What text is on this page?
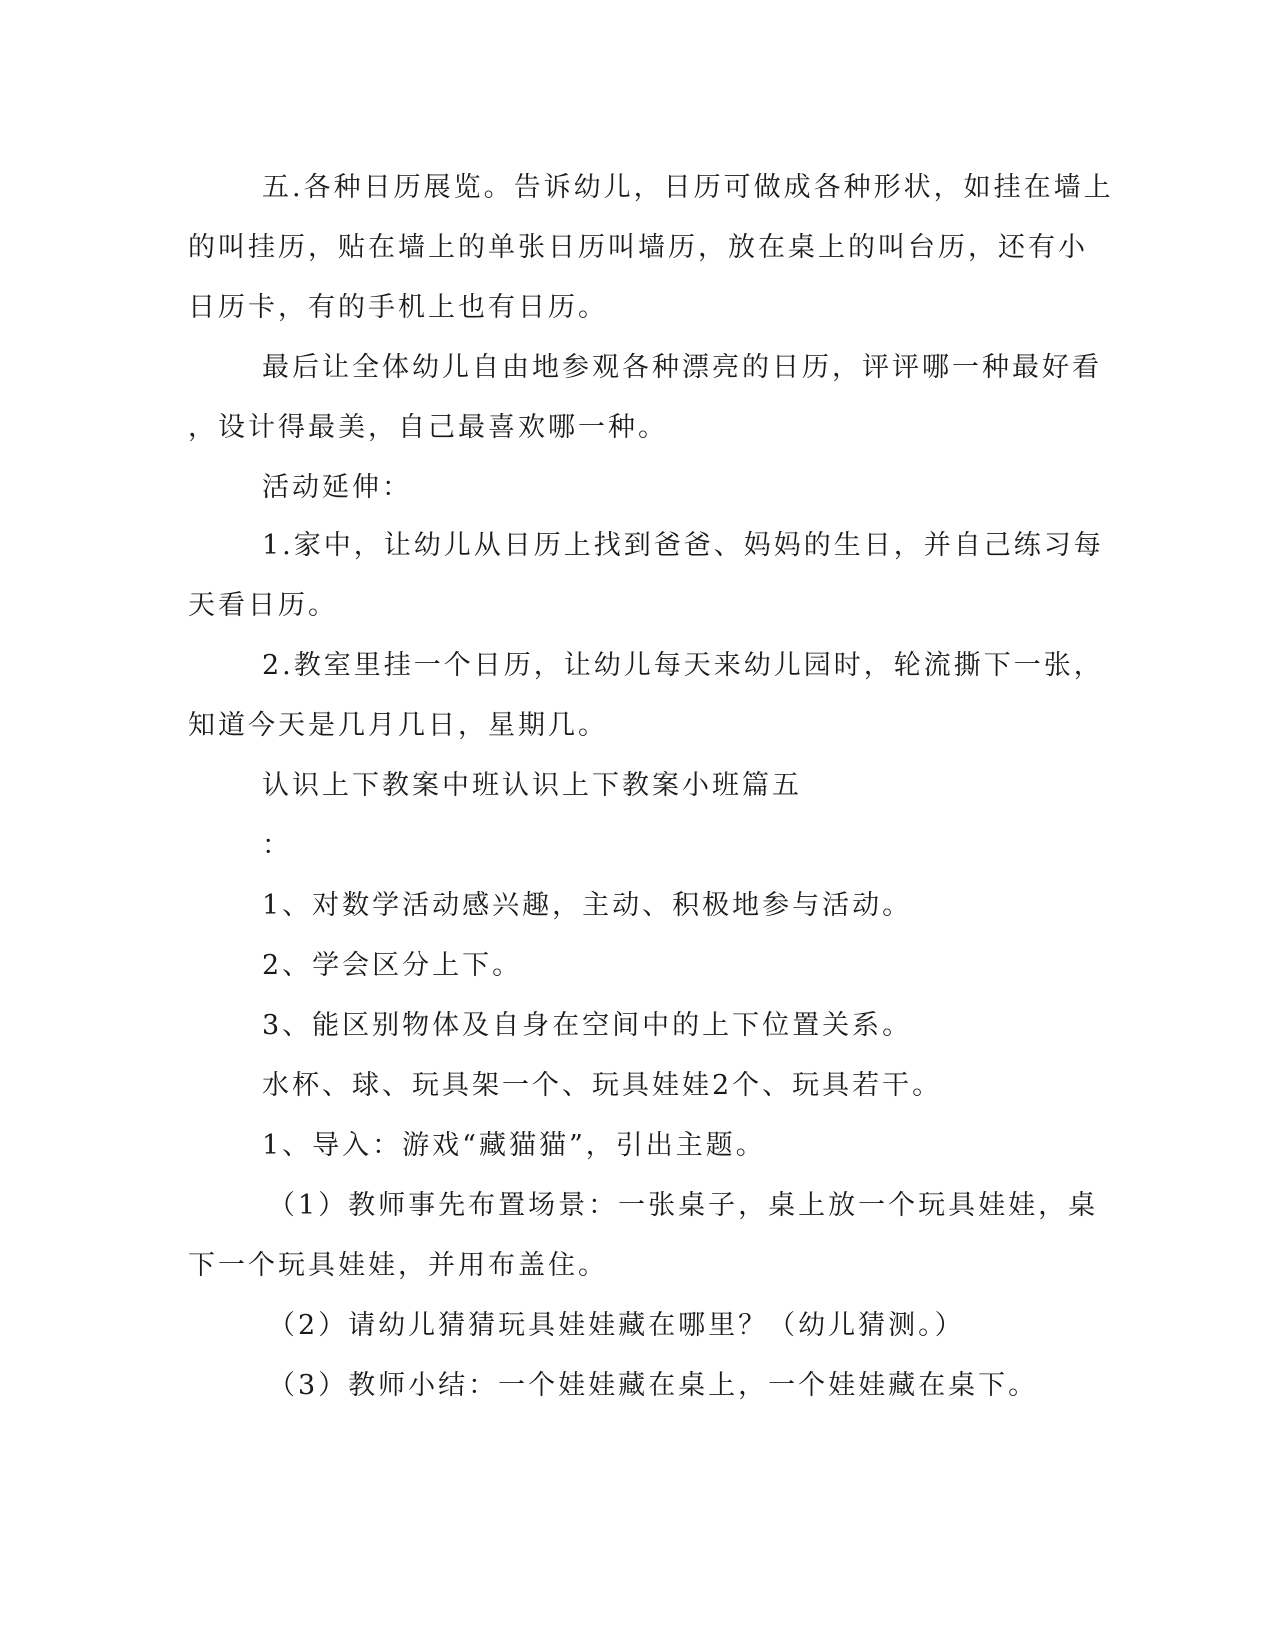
五.各种日历展览。告诉幼儿，日历可做成各种形状，如挂在墙上
的叫挂历，贴在墙上的单张日历叫墙历，放在桌上的叫台历，还有小
日历卡，有的手机上也有日历。
最后让全体幼儿自由地参观各种漂亮的日历，评评哪一种最好看
，设计得最美，自己最喜欢哪一种。
活动延伸：
1.家中，让幼儿从日历上找到爸爸、妈妈的生日，并自己练习每
天看日历。
2.教室里挂一个日历，让幼儿每天来幼儿园时，轮流撕下一张，
知道今天是几月几日，星期几。
认识上下教案中班认识上下教案小班篇五
：
1、对数学活动感兴趣，主动、积极地参与活动。
2、学会区分上下。
3、能区别物体及自身在空间中的上下位置关系。
水杯、球、玩具架一个、玩具娃娃2个、玩具若干。
1、导入：游戏“藏猫猫”，引出主题。
（1）教师事先布置场景：一张桌子，桌上放一个玩具娃娃，桌
下一个玩具娃娃，并用布盖住。
（2）请幼儿猜猜玩具娃娃藏在哪里？（幼儿猜测。）
（3）教师小结：一个娃娃藏在桌上，一个娃娃藏在桌下。
